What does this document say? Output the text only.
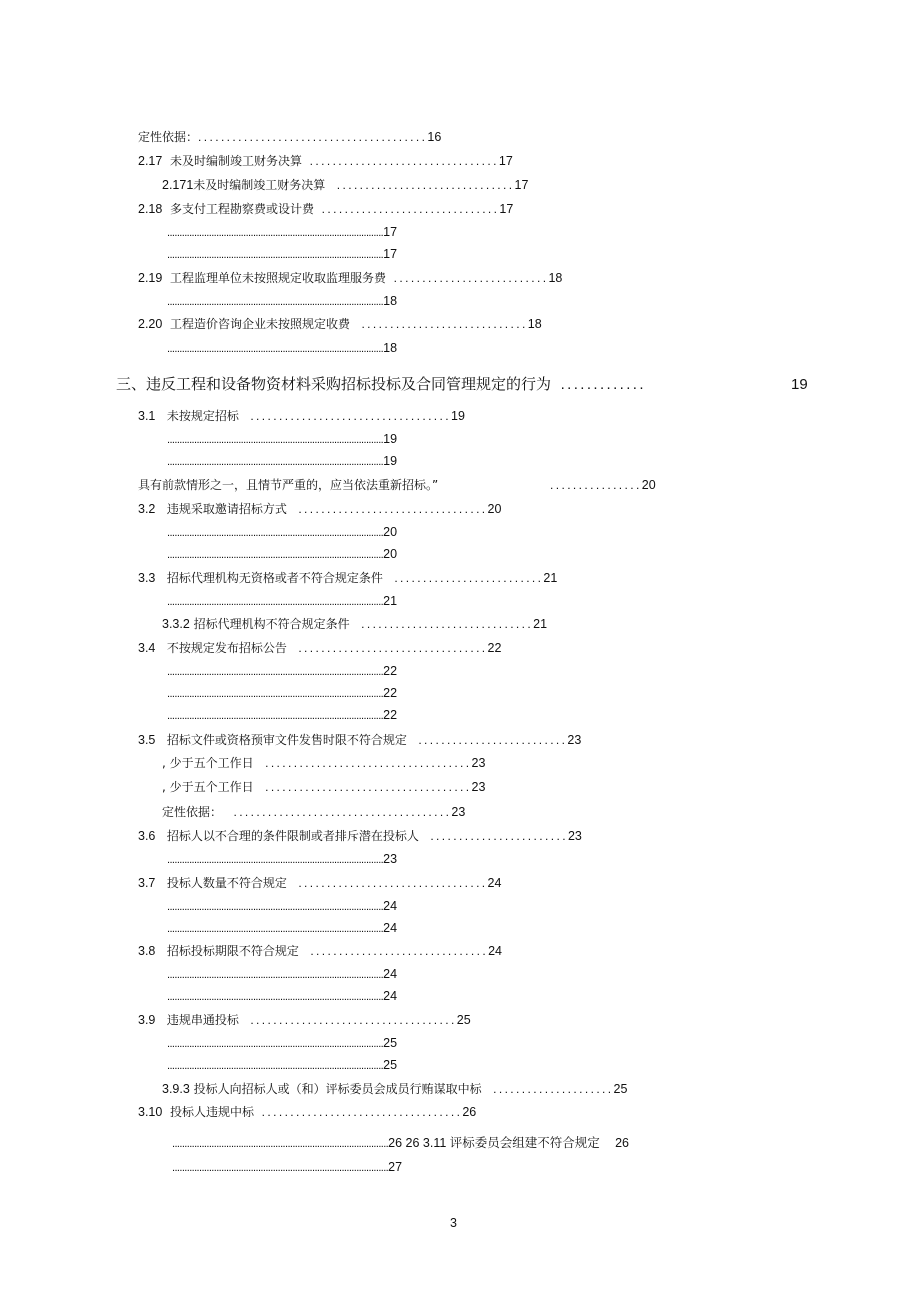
定性依据：........................................16
2.17 未及时编制竣工财务决算 .................................17
2.171未及时编制竣工财务决算 ...............................17
2.18 多支付工程勘察费或设计费 ...............................17
........................................................................................17
........................................................................................17
2.19 工程监理单位未按照规定收取监理服务费 ...........................18
........................................................................................18
2.20 工程造价咨询企业未按照规定收费 .............................18
........................................................................................18
三、违反工程和设备物资材料采购招标投标及合同管理规定的行为 .............	19
3.1 未按规定招标 ...................................19
........................................................................................19
........................................................................................19
具有前款情形之一，且情节严重的，应当依法重新招标。”	................20
3.2 违规采取邀请招标方式 .................................20
........................................................................................20
........................................................................................20
3.3 招标代理机构无资格或者不符合规定条件 ..........................21
........................................................................................21
3.3.2 招标代理机构不符合规定条件 ..............................21
3.4 不按规定发布招标公告 .................................22
........................................................................................22
........................................................................................22
........................................................................................22
3.5 招标文件或资格预审文件发售时限不符合规定 ..........................23
, 少于五个工作日 ....................................23
, 少于五个工作日 ....................................23
定性依据： ......................................23
3.6 招标人以不合理的条件限制或者排斥潜在投标人 ........................23
........................................................................................23
3.7 投标人数量不符合规定 .................................24
........................................................................................24
........................................................................................24
3.8 招标投标期限不符合规定 ...............................24
........................................................................................24
........................................................................................24
3.9 违规串通投标 ....................................25
........................................................................................25
........................................................................................25
3.9.3 投标人向招标人或（和）评标委员会成员行贿谋取中标 .....................25
3.10 投标人违规中标 ...................................26
........................................................................................26 26 3.11 评标委员会组建不符合规定 26
........................................................................................27
3
